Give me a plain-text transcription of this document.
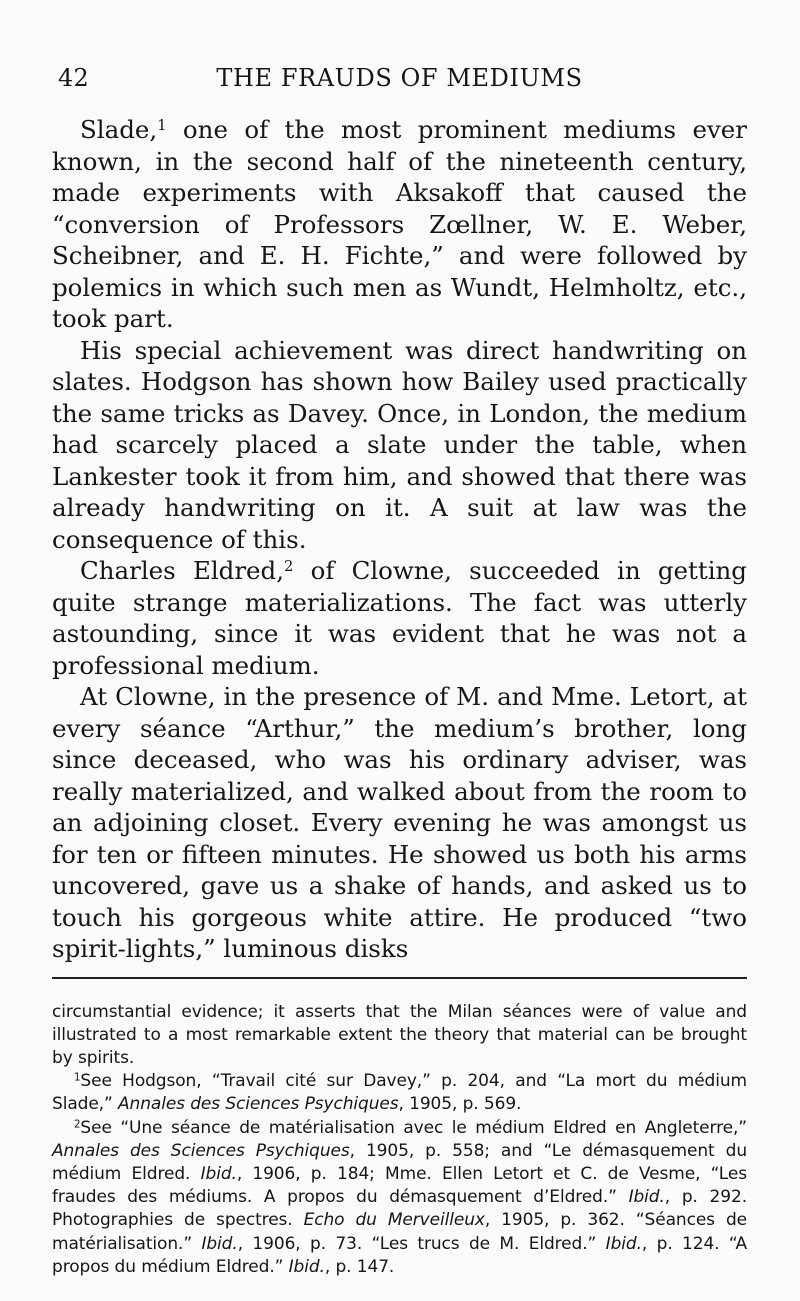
42	THE FRAUDS OF MEDIUMS

Slade,$^1$ one of the most prominent mediums ever known, in the second half of the nineteenth century, made experiments with Aksakoff that caused the “conversion of Professors Zœllner, W. E. Weber, Scheibner, and E. H. Fichte,” and were followed by polemics in which such men as Wundt, Helmholtz, etc., took part.

His special achievement was direct handwriting on slates. Hodgson has shown how Bailey used practically the same tricks as Davey. Once, in London, the medium had scarcely placed a slate under the table, when Lankester took it from him, and showed that there was already handwriting on it. A suit at law was the consequence of this.

Charles Eldred,$^2$ of Clowne, succeeded in getting quite strange materializations. The fact was utterly astounding, since it was evident that he was not a professional medium.

At Clowne, in the presence of M. and Mme. Letort, at every séance “Arthur,” the medium’s brother, long since deceased, who was his ordinary adviser, was really materialized, and walked about from the room to an adjoining closet. Every evening he was amongst us for ten or fifteen minutes. He showed us both his arms uncovered, gave us a shake of hands, and asked us to touch his gorgeous white attire. He produced “two spirit-lights,” luminous disks

circumstantial evidence; it asserts that the Milan séances were of value and illustrated to a most remarkable extent the theory that material can be brought by spirits.

$^1$See Hodgson, “Travail cité sur Davey,” p. 204, and “La mort du médium Slade,” Annales des Sciences Psychiques, 1905, p. 569.

$^2$See “Une séance de matérialisation avec le médium Eldred en Angleterre,” Annales des Sciences Psychiques, 1905, p. 558; and “Le démasquement du médium Eldred. Ibid., 1906, p. 184; Mme. Ellen Letort et C. de Vesme, “Les fraudes des médiums. A propos du démasquement d’Eldred.” Ibid., p. 292. Photographies de spectres. Echo du Merveilleux, 1905, p. 362. “Séances de matérialisation.” Ibid., 1906, p. 73. “Les trucs de M. Eldred.” Ibid., p. 124. “A propos du médium Eldred.” Ibid., p. 147.
